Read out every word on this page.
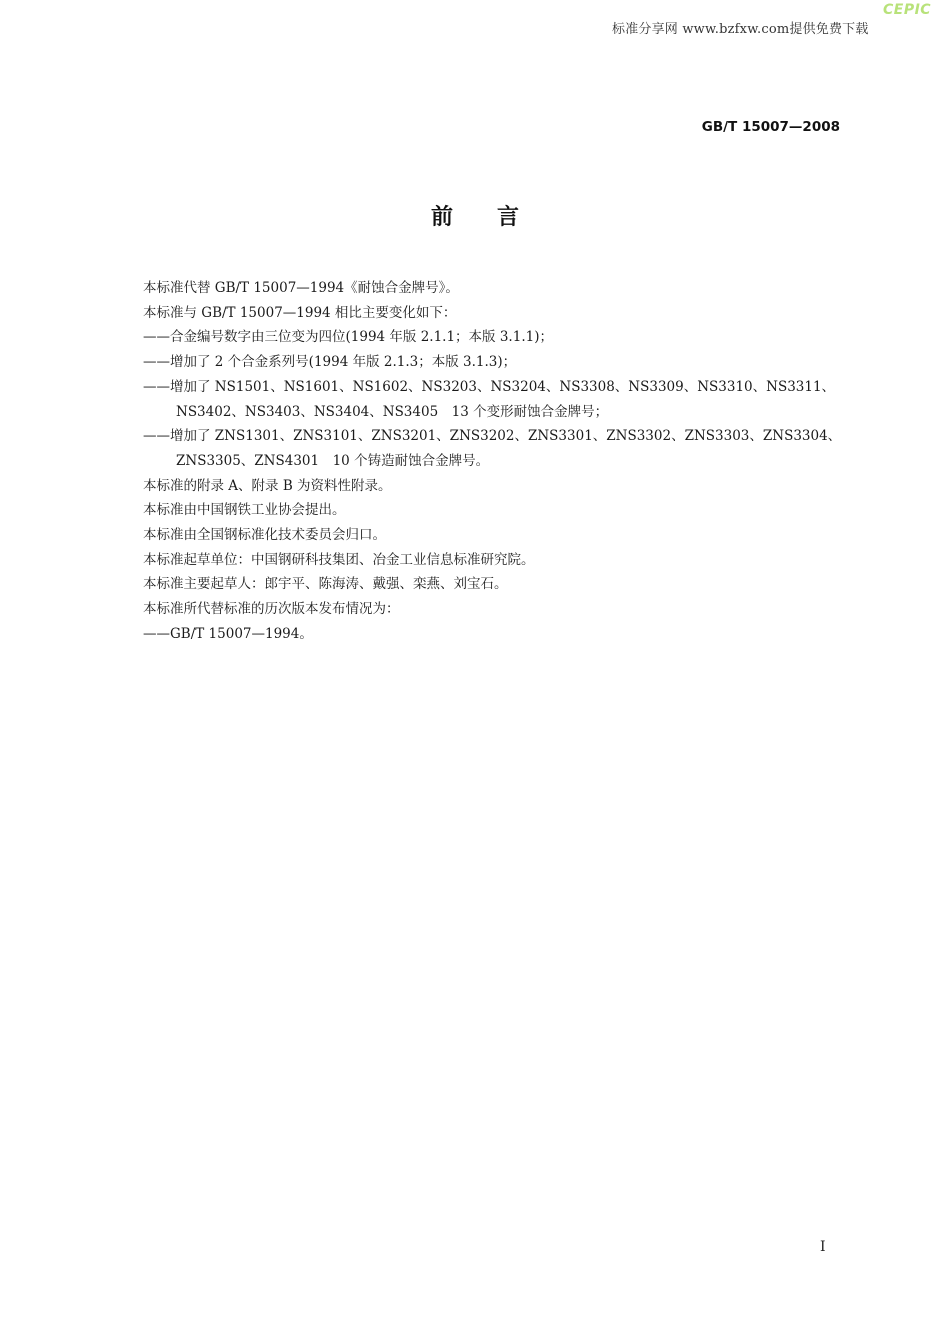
标准分享网 www.bzfxw.com提供免费下载
CEPIC
GB/T 15007—2008
前言
本标准代替 GB/T 15007—1994《耐蚀合金牌号》。
本标准与 GB/T 15007—1994 相比主要变化如下：
——合金编号数字由三位变为四位(1994 年版 2.1.1；本版 3.1.1)；
——增加了 2 个合金系列号(1994 年版 2.1.3；本版 3.1.3)；
——增加了 NS1501、NS1601、NS1602、NS3203、NS3204、NS3308、NS3309、NS3310、NS3311、
NS3402、NS3403、NS3404、NS3405　13 个变形耐蚀合金牌号；
——增加了 ZNS1301、ZNS3101、ZNS3201、ZNS3202、ZNS3301、ZNS3302、ZNS3303、ZNS3304、
ZNS3305、ZNS4301　10 个铸造耐蚀合金牌号。
本标准的附录 A、附录 B 为资料性附录。
本标准由中国钢铁工业协会提出。
本标准由全国钢标准化技术委员会归口。
本标准起草单位：中国钢研科技集团、冶金工业信息标准研究院。
本标准主要起草人：郎宇平、陈海涛、戴强、栾燕、刘宝石。
本标准所代替标准的历次版本发布情况为：
——GB/T 15007—1994。
I
